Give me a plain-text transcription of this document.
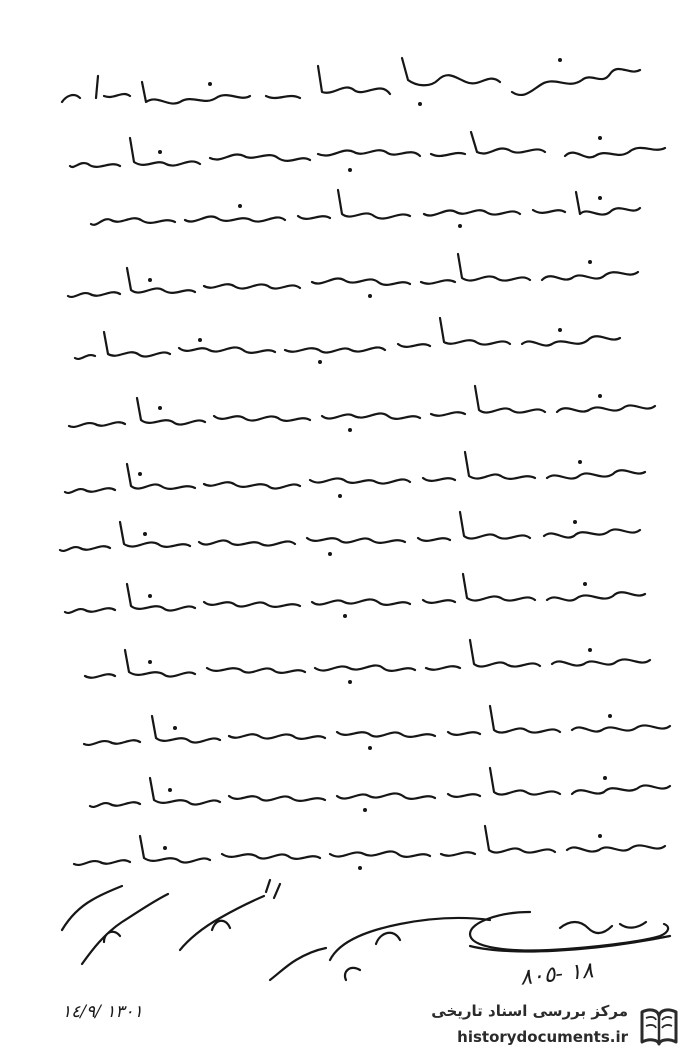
١٨ -٨٠٥
١٣٠١ /١٤/٩	مرکز بررسی اسناد تاریخی
historydocuments.ir
